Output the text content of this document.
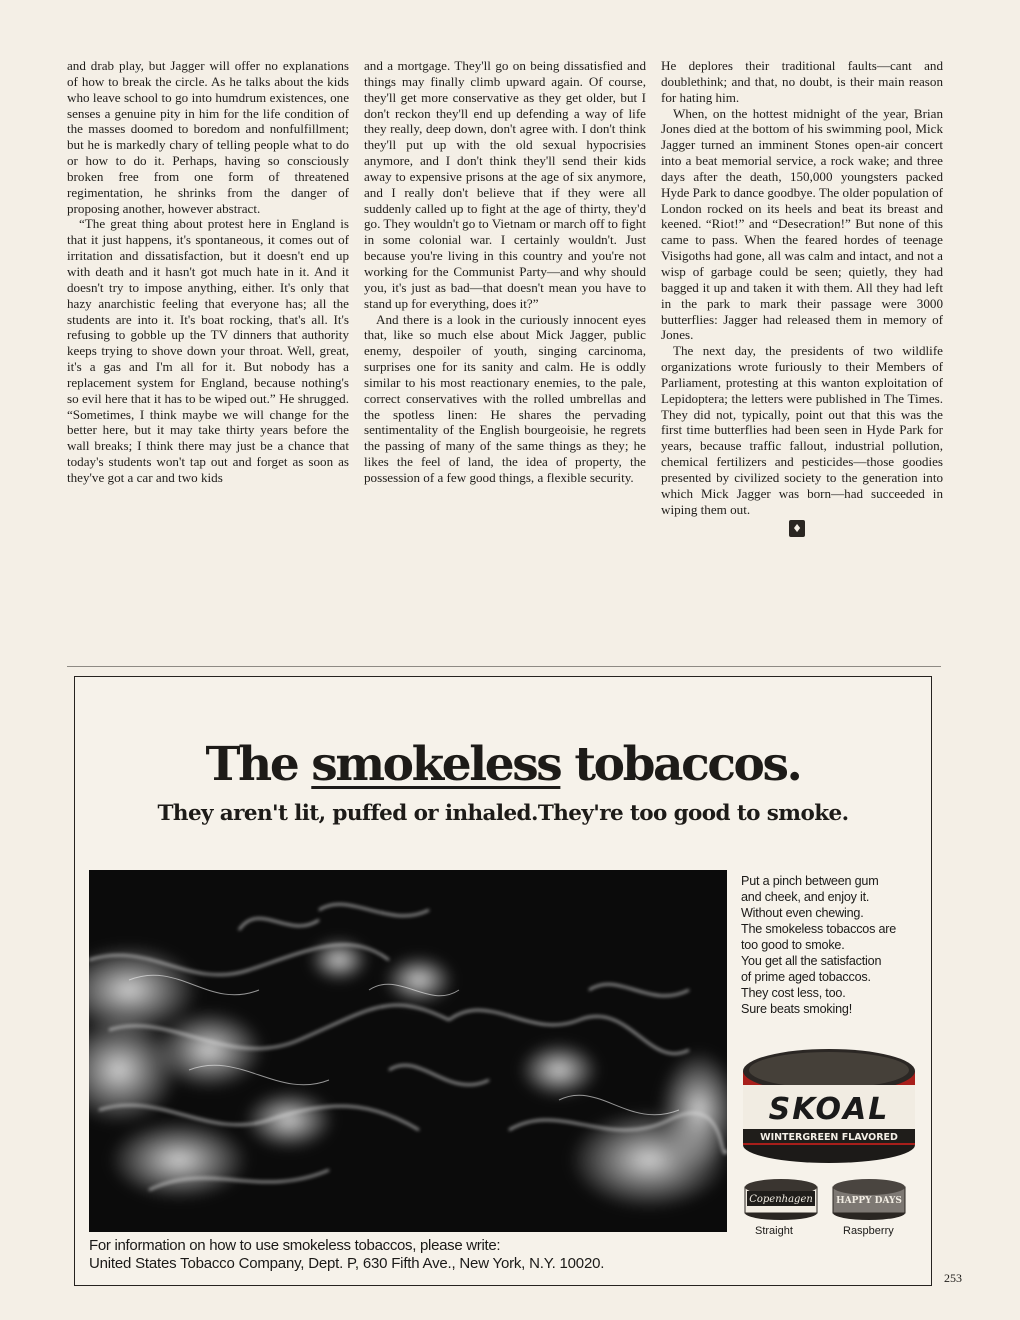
and drab play, but Jagger will offer no explanations of how to break the circle. As he talks about the kids who leave school to go into humdrum existences, one senses a genuine pity in him for the life condition of the masses doomed to boredom and nonfulfillment; but he is markedly chary of telling people what to do or how to do it. Perhaps, having so consciously broken free from one form of threatened regimentation, he shrinks from the danger of proposing another, however abstract.

“The great thing about protest here in England is that it just happens, it's spontaneous, it comes out of irritation and dissatisfaction, but it doesn't end up with death and it hasn't got much hate in it. And it doesn't try to impose anything, either. It's only that hazy anarchistic feeling that everyone has; all the students are into it. It's boat rocking, that's all. It's refusing to gobble up the TV dinners that authority keeps trying to shove down your throat. Well, great, it's a gas and I'm all for it. But nobody has a replacement system for England, because nothing's so evil here that it has to be wiped out.” He shrugged. “Sometimes, I think maybe we will change for the better here, but it may take thirty years before the wall breaks; I think there may just be a chance that today's students won't tap out and forget as soon as they've got a car and two kids

and a mortgage. They'll go on being dissatisfied and things may finally climb upward again. Of course, they'll get more conservative as they get older, but I don't reckon they'll end up defending a way of life they really, deep down, don't agree with. I don't think they'll put up with the old sexual hypocrisies anymore, and I don't think they'll send their kids away to expensive prisons at the age of six anymore, and I really don't believe that if they were all suddenly called up to fight at the age of thirty, they'd go. They wouldn't go to Vietnam or march off to fight in some colonial war. I certainly wouldn't. Just because you're living in this country and you're not working for the Communist Party—and why should you, it's just as bad—that doesn't mean you have to stand up for everything, does it?”

And there is a look in the curiously innocent eyes that, like so much else about Mick Jagger, public enemy, despoiler of youth, singing carcinoma, surprises one for its sanity and calm. He is oddly similar to his most reactionary enemies, to the pale, correct conservatives with the rolled umbrellas and the spotless linen: He shares the pervading sentimentality of the English bourgeoisie, he regrets the passing of many of the same things as they; he likes the feel of land, the idea of property, the possession of a few good things, a flexible security.

He deplores their traditional faults—cant and doublethink; and that, no doubt, is their main reason for hating him.

When, on the hottest midnight of the year, Brian Jones died at the bottom of his swimming pool, Mick Jagger turned an imminent Stones open-air concert into a beat memorial service, a rock wake; and three days after the death, 150,000 youngsters packed Hyde Park to dance goodbye. The older population of London rocked on its heels and beat its breast and keened. “Riot!” and “Desecration!” But none of this came to pass. When the feared hordes of teenage Visigoths had gone, all was calm and intact, and not a wisp of garbage could be seen; quietly, they had bagged it up and taken it with them. All they had left in the park to mark their passage were 3000 butterflies: Jagger had released them in memory of Jones.

The next day, the presidents of two wildlife organizations wrote furiously to their Members of Parliament, protesting at this wanton exploitation of Lepidoptera; the letters were published in The Times. They did not, typically, point out that this was the first time butterflies had been seen in Hyde Park for years, because traffic fallout, industrial pollution, chemical fertilizers and pesticides—those goodies presented by civilized society to the generation into which Mick Jagger was born—had succeeded in wiping them out.

♦
The smokeless tobaccos.
They aren't lit, puffed or inhaled.They're too good to smoke.
Put a pinch between gum
and cheek, and enjoy it.
Without even chewing.
The smokeless tobaccos are
too good to smoke.
You get all the satisfaction
of prime aged tobaccos.
They cost less, too.
Sure beats smoking!
SKOAL
WINTERGREEN FLAVORED
Copenhagen	HAPPY DAYS
Straight	Raspberry
For information on how to use smokeless tobaccos, please write:
United States Tobacco Company, Dept. P, 630 Fifth Ave., New York, N.Y. 10020.
253
